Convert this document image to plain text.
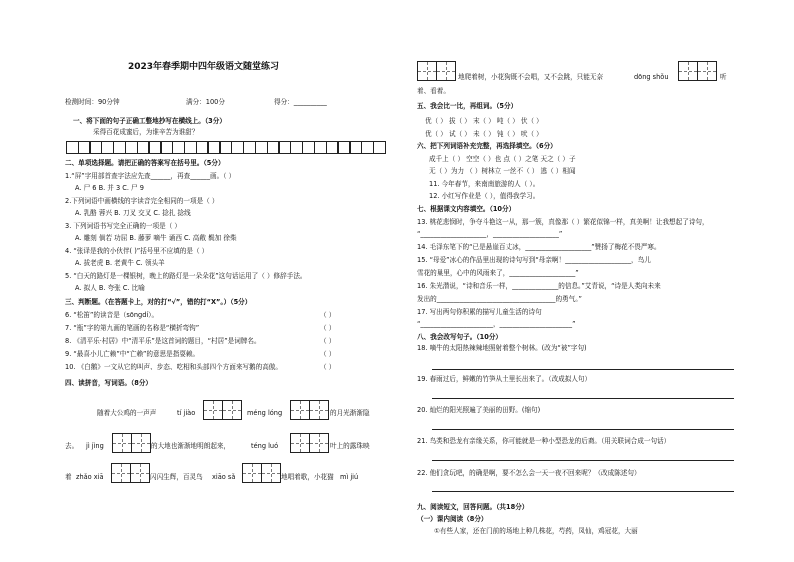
2023年春季期中四年级语文随堂练习
检测时间：90分钟	满分：100分	得分：__________
一、将下面的句子正确工整地抄写在横线上。（3分）
采得百花成蜜后，为谁辛苦为谁甜？
二、单项选择题。请把正确的答案写在括号里。（5分）
1.“屏”字用部首查字法应先查______，再查______画。（ ）
A. 尸 6 B. 并 3 C. 尸 9
2.下列词语中画横线的字读音完全相同的一项是（ ）
A. 乳酪 蓉兴 B. 刀叉 交叉 C. 捻扎 捻线
3. 下列词语书写完全正确的一项是（ ）
A. 雕刻 倘若 功屈 B. 藤萝 嘀牛 诵西 C. 高敞 鬓加 徐柴
4. “张译是我的小伙伴( )”括号里不应填的是（ ）
A. 拔老虎 B. 老黄牛 C. 领头羊
5. “白天的路灯是一棵银树，晚上的路灯是一朵朵花”这句话运用了（ ）修辞手法。
A. 拟人 B. 夸张 C. 比喻
三、判断题。（在答题卡上，对的打“√”，错的打“X”。）（5分）
6. “松笛”的读音是（sōnɡdí）。	（ ）
7. “瓶”字的第九画的笔画的名称是“横折弯钩”	（ ）
8. 《清平乐·村居》中“清平乐”是这首词的题目，“村居”是词牌名。	（ ）
9. “最喜小儿亡赖”中“亡赖”的意思是指耍赖。	（ ）
10. 《白鹅》一文从它的叫声、步态、吃相和头部四个方面来写鹅的高傲。	（ ）
四、读拼音，写词语。（8分）
随着大公鸡的一声声	tí jiào	méng lóng	的月光渐渐隐
去。 jì jìng	的大地也渐渐地明朗起来，	téng luó	叶上的露珠映
着 zhǎo xiā	闪闪生辉，百灵鸟 xiāo sǎ	地唱着歌，小花猫 mì jiú
地爬着树，小花狗既不会唱，又不会跳，只能无奈	dōnɡ shǒu	听
着、看着。
五、我会比一比，再组词。（5分）
优（ ） 拔（ ） 末（ ） 吨（ ） 伏（ ）
优（ ） 试（ ） 未（ ） 钝（ ） 吠（ ）
六、把下列词语补充完整，再选择填空。（6分）
成千上（ ） 空空（ ）也 点（ ）之笔 天之（ ）子
无（ ）为力 （ ）树林立 一丝不（ ） 逃（ ）相闻
11. 今年春节，来南南旅游的人（ ）。
12. 小红写作业是（ ），值得我学习。
七、根据课文内容填空。（10分）
13. 桃花悲悯时，争夺斗艳这一从，那一簇，真像那（ ）繁花似锦一样，真美啊！让我想起了诗句，
“____________________，____________________”
14. 毛泽东笔下的“已是悬崖百丈冰，____________________”赞扬了梅花不畏严寒。
15. “母爱”冰心的作品里出现的诗句写到“母亲啊！____________________，鸟儿
雪花的巢里，心中的风雨来了，____________________”
16. 朱光潜说，“诗和音乐一样，______________的信息。”艾青说，“诗是人类向未来
发出的____________________________________的勇气。”
17. 写出两句你积累的描写儿童生活的诗句
“______________________，______________________”
八、我会改写句子。（10分）
18. 嘀牛的太阳热辣辣地照射着整个树林。(改为“被”字句)
19. 春雨过后，鲜嫩的竹笋从土里长出来了。（改成拟人句）
20. 灿烂的阳光照遍了美丽的田野。(缩句)
21. 鸟类和恐龙有亲缘关系，你可能就是一种小型恐龙的后裔。（用关联词合成一句话）
22. 他们贪玩吧，的确是啊，要不怎么会一天一夜不回来呢？（改成陈述句）
九、阅读短文，回答问题。（共18分）
（一）课内阅读（8分）
①有些人家，还在门前的场地上种几株花，芍药，凤仙，鸡冠花，大丽
